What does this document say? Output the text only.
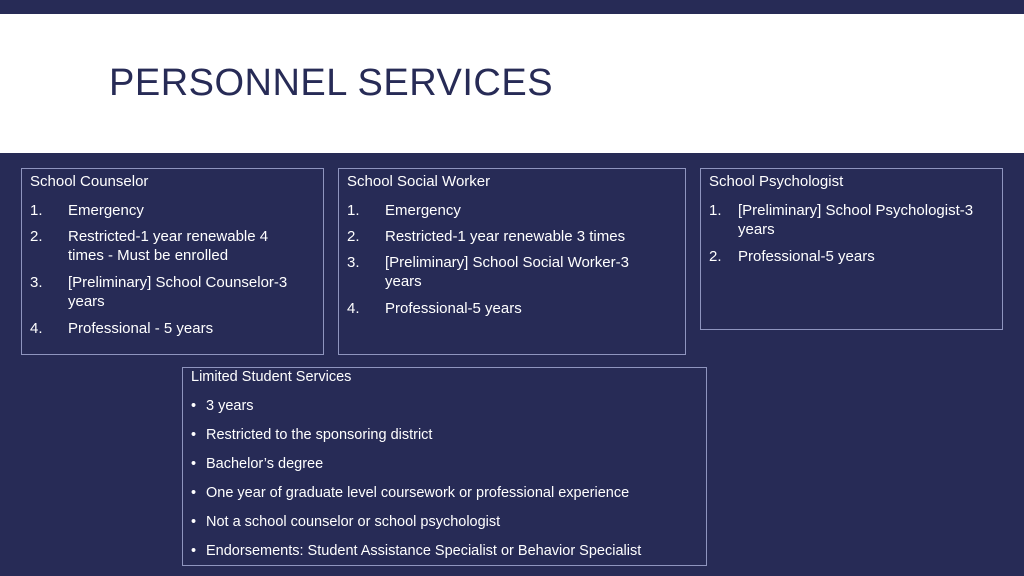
PERSONNEL SERVICES
School Counselor
1. Emergency
2. Restricted-1 year renewable 4 times - Must be enrolled
3. [Preliminary] School Counselor-3 years
4. Professional - 5 years
School Social Worker
1. Emergency
2. Restricted-1 year renewable 3 times
3. [Preliminary] School Social Worker-3 years
4. Professional-5 years
School Psychologist
1. [Preliminary] School Psychologist-3 years
2. Professional-5 years
Limited Student Services
• 3 years
• Restricted to the sponsoring district
• Bachelor’s degree
• One year of graduate level coursework or professional experience
• Not a school counselor or school psychologist
• Endorsements: Student Assistance Specialist or Behavior Specialist
